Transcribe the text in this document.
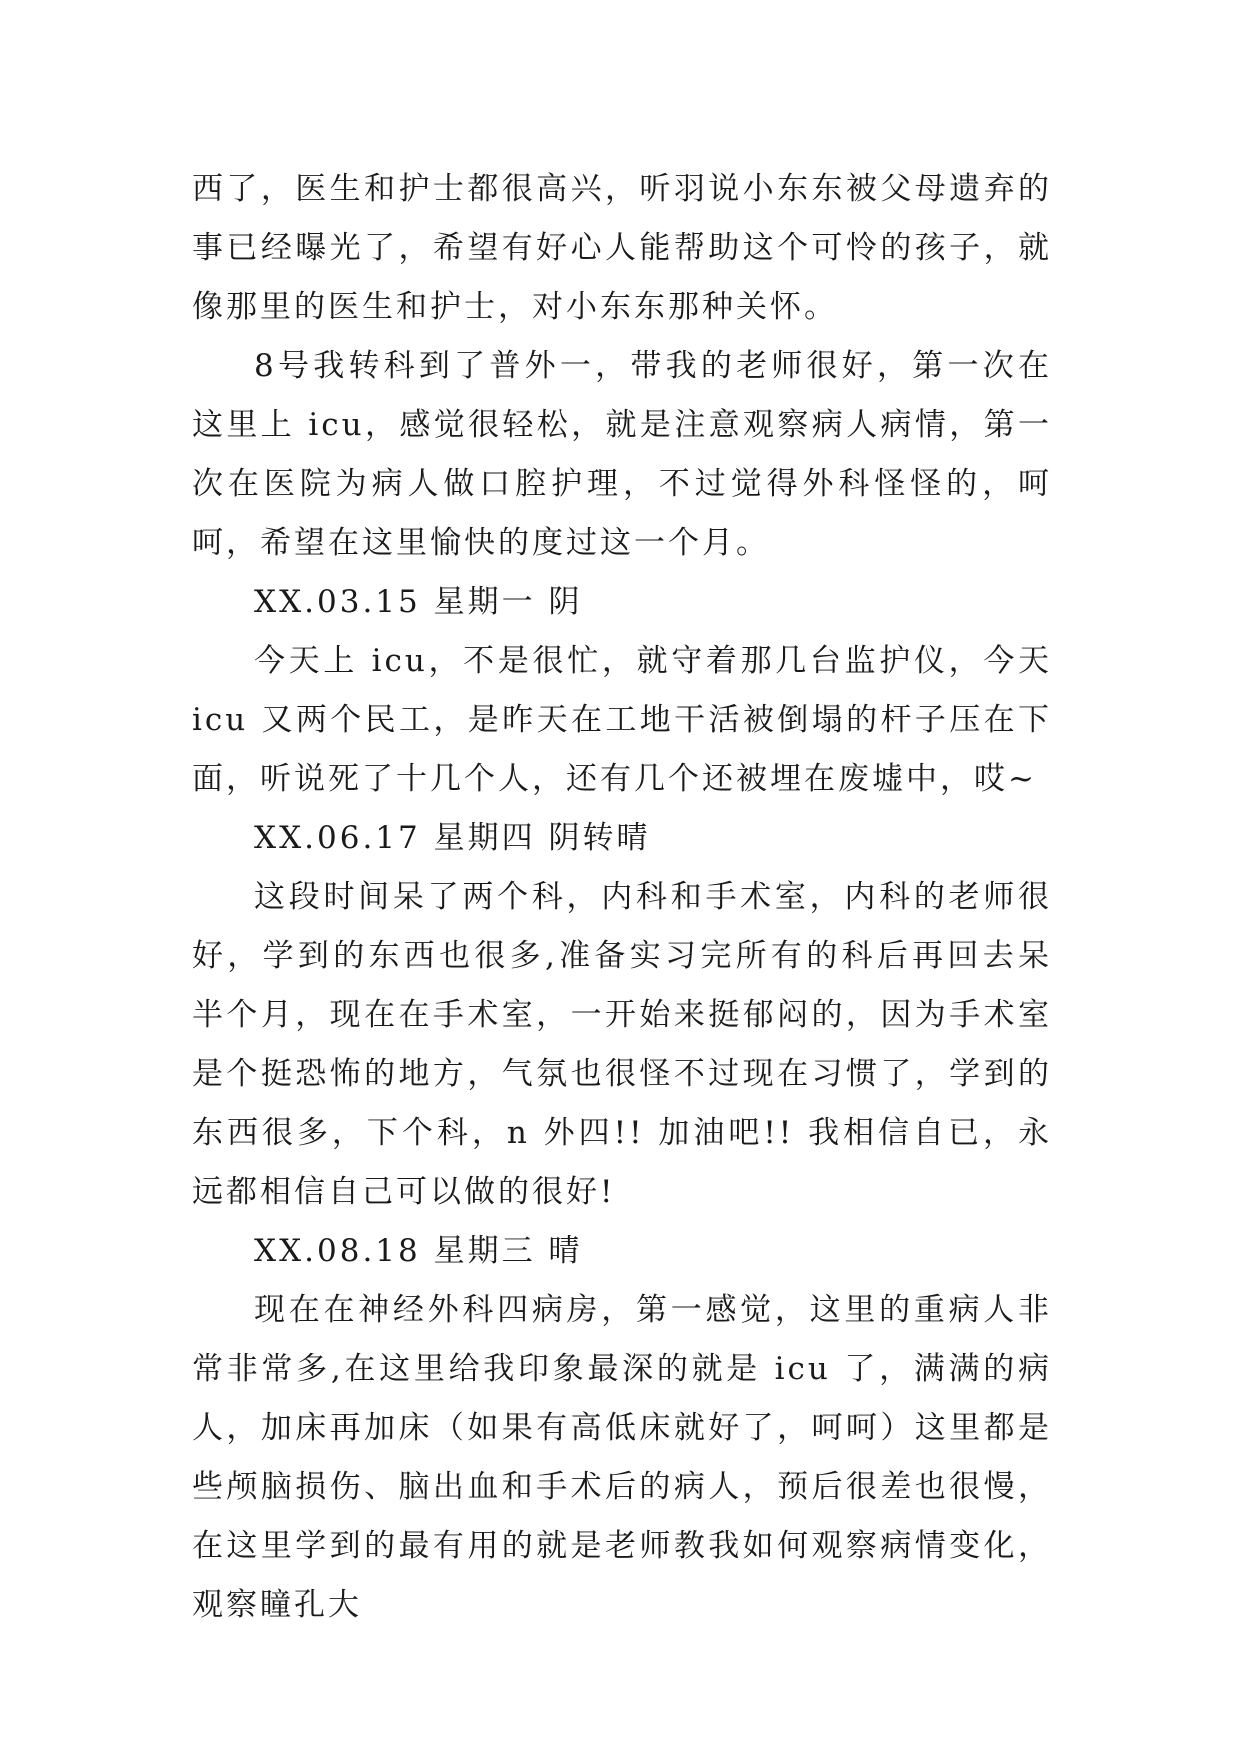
西了，医生和护士都很高兴，听羽说小东东被父母遗弃的事已经曝光了，希望有好心人能帮助这个可怜的孩子，就像那里的医生和护士，对小东东那种关怀。

8号我转科到了普外一，带我的老师很好，第一次在这里上 icu，感觉很轻松，就是注意观察病人病情，第一次在医院为病人做口腔护理，不过觉得外科怪怪的，呵呵，希望在这里愉快的度过这一个月。

XX.03.15 星期一 阴

今天上 icu，不是很忙，就守着那几台监护仪，今天 icu 又两个民工，是昨天在工地干活被倒塌的杆子压在下面，听说死了十几个人，还有几个还被埋在废墟中，哎~

XX.06.17 星期四 阴转晴

这段时间呆了两个科，内科和手术室，内科的老师很好，学到的东西也很多,准备实习完所有的科后再回去呆半个月，现在在手术室，一开始来挺郁闷的，因为手术室是个挺恐怖的地方，气氛也很怪不过现在习惯了，学到的东西很多，下个科，n 外四!! 加油吧!! 我相信自已，永远都相信自己可以做的很好!

XX.08.18 星期三 晴

现在在神经外科四病房，第一感觉，这里的重病人非常非常多,在这里给我印象最深的就是 icu 了，满满的病人，加床再加床（如果有高低床就好了，呵呵）这里都是些颅脑损伤、脑出血和手术后的病人，预后很差也很慢，在这里学到的最有用的就是老师教我如何观察病情变化，观察瞳孔大
